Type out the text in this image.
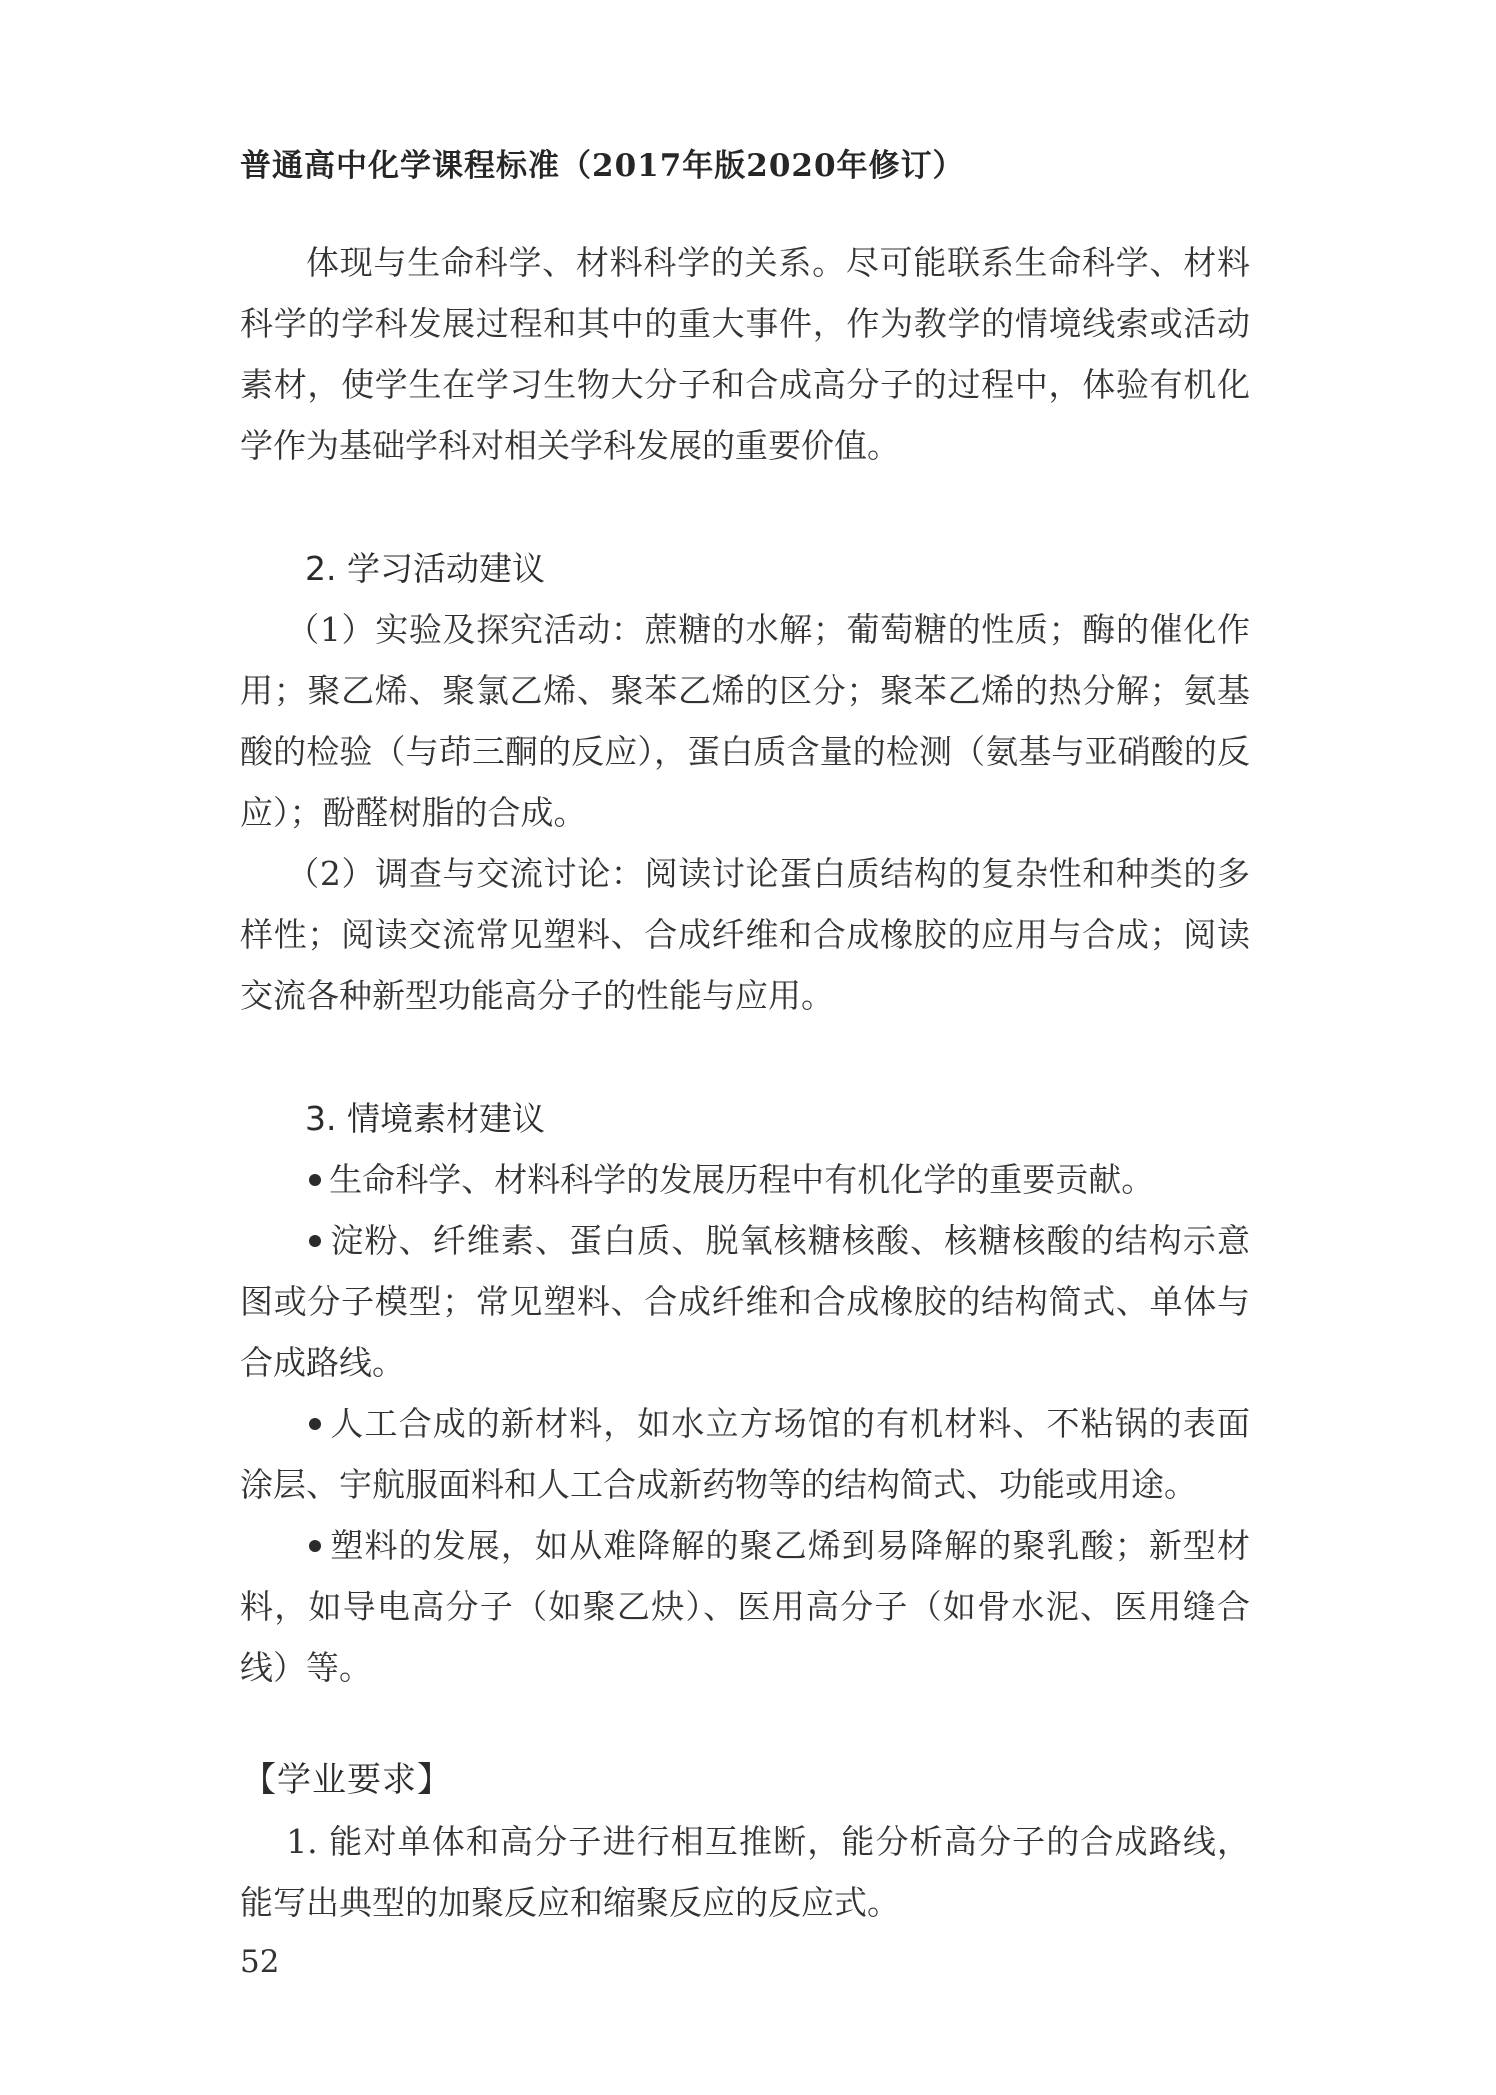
普通高中化学课程标准（2017年版2020年修订）

体现与生命科学、材料科学的关系。尽可能联系生命科学、材料科学的学科发展过程和其中的重大事件，作为教学的情境线索或活动素材，使学生在学习生物大分子和合成高分子的过程中，体验有机化学作为基础学科对相关学科发展的重要价值。

2. 学习活动建议

（1）实验及探究活动：蔗糖的水解；葡萄糖的性质；酶的催化作用；聚乙烯、聚氯乙烯、聚苯乙烯的区分；聚苯乙烯的热分解；氨基酸的检验（与茚三酮的反应），蛋白质含量的检测（氨基与亚硝酸的反应）；酚醛树脂的合成。

（2）调查与交流讨论：阅读讨论蛋白质结构的复杂性和种类的多样性；阅读交流常见塑料、合成纤维和合成橡胶的应用与合成；阅读交流各种新型功能高分子的性能与应用。

3. 情境素材建议

生命科学、材料科学的发展历程中有机化学的重要贡献。

淀粉、纤维素、蛋白质、脱氧核糖核酸、核糖核酸的结构示意图或分子模型；常见塑料、合成纤维和合成橡胶的结构简式、单体与合成路线。

人工合成的新材料，如水立方场馆的有机材料、不粘锅的表面涂层、宇航服面料和人工合成新药物等的结构简式、功能或用途。

塑料的发展，如从难降解的聚乙烯到易降解的聚乳酸；新型材料，如导电高分子（如聚乙炔）、医用高分子（如骨水泥、医用缝合线）等。

【学业要求】

1. 能对单体和高分子进行相互推断，能分析高分子的合成路线，能写出典型的加聚反应和缩聚反应的反应式。

52
